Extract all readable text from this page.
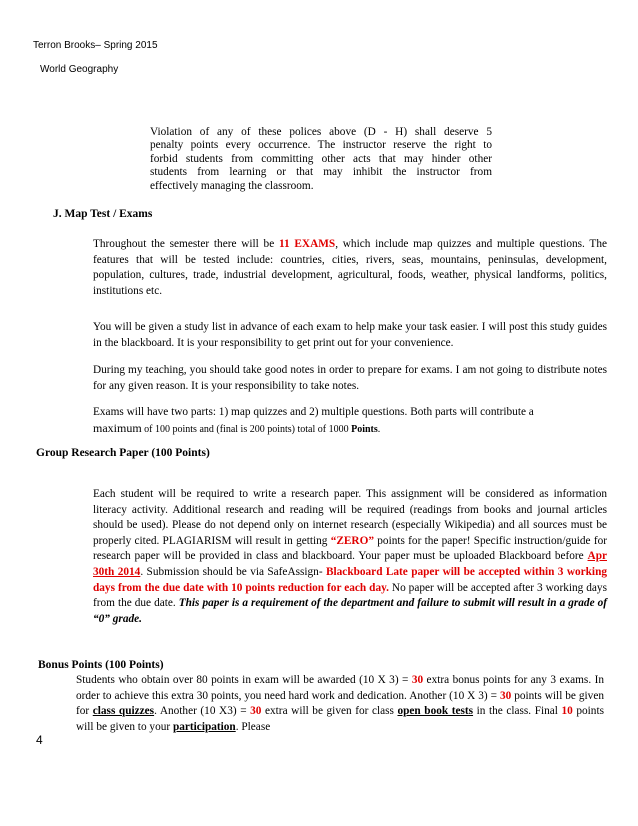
Terron Brooks– Spring 2015
World Geography
Violation of any of these polices above (D - H) shall deserve 5
penalty points every occurrence. The instructor reserve the right to
forbid students from committing other acts that may hinder other
students from learning or that may inhibit the instructor from
effectively managing the classroom.
J. Map Test / Exams
Throughout the semester there will be 11 EXAMS, which include map quizzes and multiple questions. The features that will be tested include: countries, cities, rivers, seas, mountains, peninsulas, development, population, cultures, trade, industrial development, agricultural, foods, weather, physical landforms, politics, institutions etc.
You will be given a study list in advance of each exam to help make your task easier. I will post this study guides in the blackboard. It is your responsibility to get print out for your convenience.
During my teaching, you should take good notes in order to prepare for exams. I am not going to distribute notes for any given reason. It is your responsibility to take notes.
Exams will have two parts: 1) map quizzes and 2) multiple questions. Both parts will contribute a
maximum of 100 points and (final is 200 points) total of 1000 Points.
Group Research Paper (100 Points)
Each student will be required to write a research paper. This assignment will be considered as information literacy activity. Additional research and reading will be required (readings from books and journal articles should be used). Please do not depend only on internet research (especially Wikipedia) and all sources must be properly cited. PLAGIARISM will result in getting “ZERO” points for the paper! Specific instruction/guide for research paper will be provided in class and blackboard. Your paper must be uploaded Blackboard before Apr 30th 2014. Submission should be via SafeAssign- Blackboard Late paper will be accepted within 3 working days from the due date with 10 points reduction for each day. No paper will be accepted after 3 working days from the due date. This paper is a requirement of the department and failure to submit will result in a grade of “0” grade.
Bonus Points (100 Points)
Students who obtain over 80 points in exam will be awarded (10 X 3) = 30 extra bonus points for any 3 exams. In order to achieve this extra 30 points, you need hard work and dedication. Another (10 X 3) = 30 points will be given for class quizzes. Another (10 X3) = 30 extra will be given for class open book tests in the class. Final 10 points will be given to your participation. Please
4
